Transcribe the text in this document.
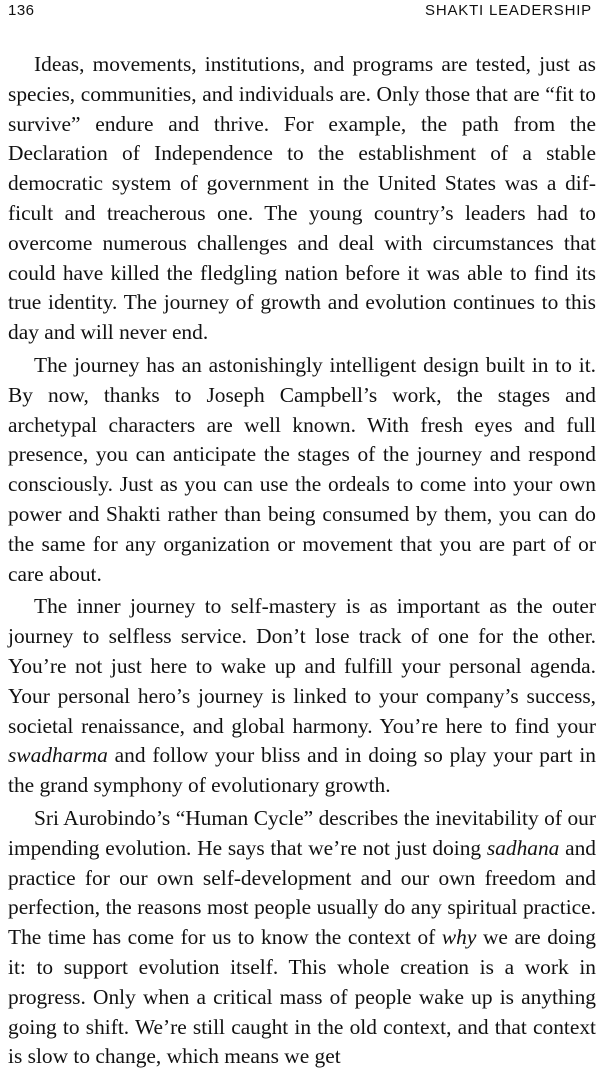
136	SHAKTI LEADERSHIP

Ideas, movements, institutions, and programs are tested, just as species, communities, and individuals are. Only those that are “fit to survive” endure and thrive. For example, the path from the Declaration of Independence to the establishment of a stable democratic system of government in the United States was a difficult and treacherous one. The young country’s leaders had to overcome numerous challenges and deal with circumstances that could have killed the fledgling nation before it was able to find its true identity. The journey of growth and evolution continues to this day and will never end.

The journey has an astonishingly intelligent design built in to it. By now, thanks to Joseph Campbell’s work, the stages and archetypal characters are well known. With fresh eyes and full presence, you can anticipate the stages of the journey and respond consciously. Just as you can use the ordeals to come into your own power and Shakti rather than being consumed by them, you can do the same for any organization or movement that you are part of or care about.

The inner journey to self-mastery is as important as the outer journey to selfless service. Don’t lose track of one for the other. You’re not just here to wake up and fulfill your personal agenda. Your personal hero’s journey is linked to your company’s success, societal renaissance, and global harmony. You’re here to find your swadharma and follow your bliss and in doing so play your part in the grand symphony of evolutionary growth.

Sri Aurobindo’s “Human Cycle” describes the inevitability of our impending evolution. He says that we’re not just doing sadhana and practice for our own self-development and our own freedom and perfection, the reasons most people usually do any spiritual practice. The time has come for us to know the context of why we are doing it: to support evolution itself. This whole creation is a work in progress. Only when a critical mass of people wake up is anything going to shift. We’re still caught in the old context, and that context is slow to change, which means we get
